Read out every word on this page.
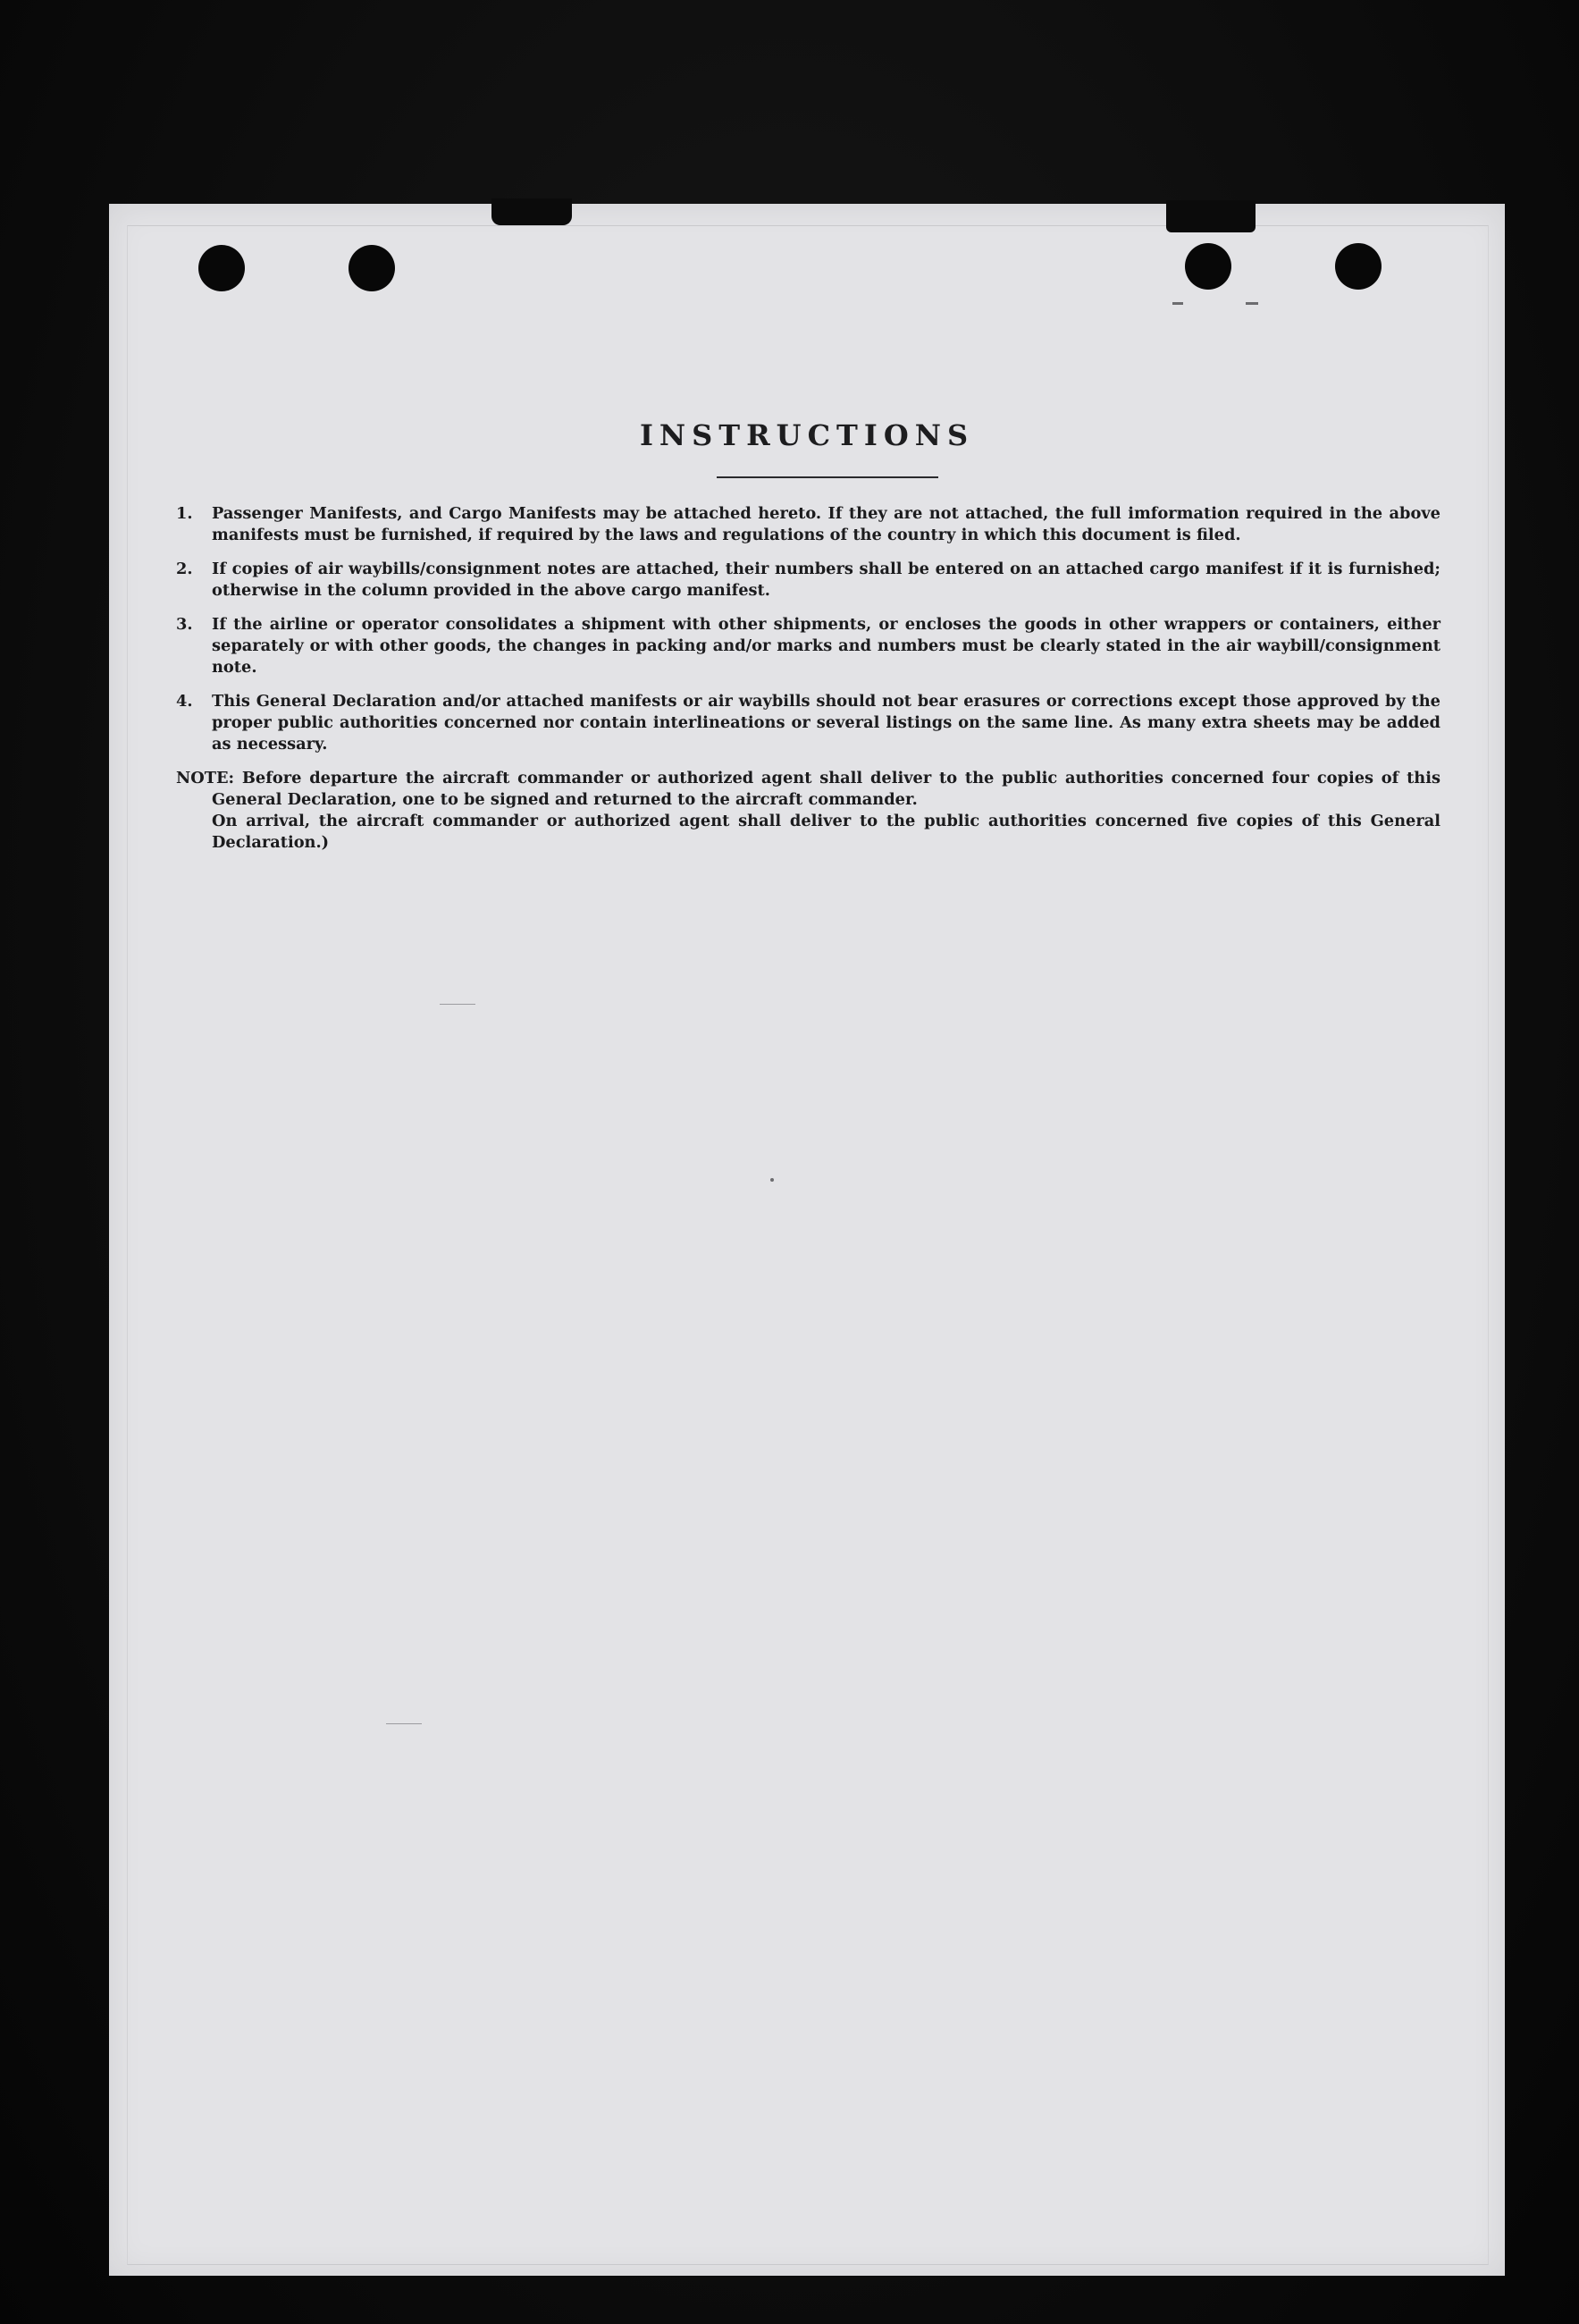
INSTRUCTIONS
1.	Passenger Manifests, and Cargo Manifests may be attached hereto. If they are not attached, the full imformation required in the above manifests must be furnished, if required by the laws and regulations of the country in which this document is filed.
2.	If copies of air waybills/consignment notes are attached, their numbers shall be entered on an attached cargo manifest if it is furnished; otherwise in the column provided in the above cargo manifest.
3.	If the airline or operator consolidates a shipment with other shipments, or encloses the goods in other wrappers or containers, either separately or with other goods, the changes in packing and/or marks and numbers must be clearly stated in the air waybill/consignment note.
4.	This General Declaration and/or attached manifests or air waybills should not bear erasures or corrections except those approved by the proper public authorities concerned nor contain interlineations or several listings on the same line. As many extra sheets may be added as necessary.
NOTE: Before departure the aircraft commander or authorized agent shall deliver to the public authorities concerned four copies of this General Declaration, one to be signed and returned to the aircraft commander.
On arrival, the aircraft commander or authorized agent shall deliver to the public authorities concerned five copies of this General Declaration.)
